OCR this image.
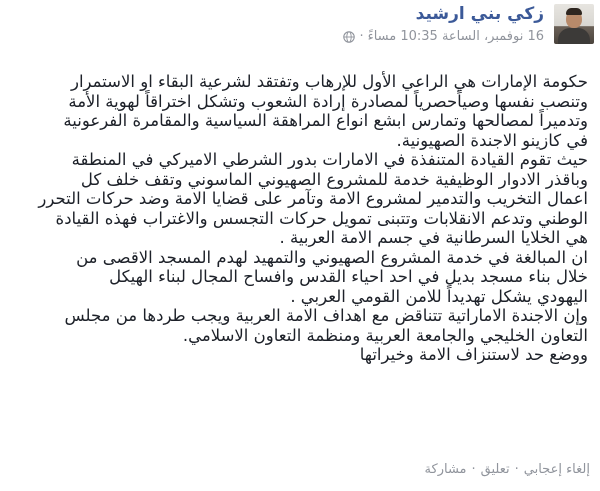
زكي بني ارشيد
16 نوفمبر، الساعة 10:35 مساءً
·
حكومة الإمارات هي الراعي الأول للإرهاب وتفتقد لشرعية البقاء او الاستمرار
وتنصب نفسها وصياًحصرياً لمصادرة إرادة الشعوب وتشكل اختراقاً لهوية الأمة
وتدميراً لمصالحها وتمارس ابشع انواع المراهقة السياسية والمقامرة الفرعونية
في كازينو الاجندة الصهيونية.
حيث تقوم القيادة المتنفذة في الامارات بدور الشرطي الاميركي في المنطقة
وباقذر الادوار الوظيفية خدمة للمشروع الصهيوني الماسوني وتقف خلف كل
اعمال التخريب والتدمير لمشروع الامة وتآمر على قضايا الامة وضد حركات التحرر
الوطني وتدعم الانقلابات وتتبنى تمويل حركات التجسس والاغتراب فهذه القيادة
هي الخلايا السرطانية في جسم الامة العربية .
ان المبالغة في خدمة المشروع الصهيوني والتمهيد لهدم المسجد الاقصى من
خلال بناء مسجد بديل في احد احياء القدس وافساح المجال لبناء الهيكل
اليهودي يشكل تهديداً للامن القومي العربي .
وإن الاجندة الاماراتية تتناقض مع اهداف الامة العربية ويجب طردها من مجلس
التعاون الخليجي والجامعة العربية ومنظمة التعاون الاسلامي.
ووضع حد لاستنزاف الامة وخيراتها
إلغاء إعجابي
·
تعليق
·
مشاركة
